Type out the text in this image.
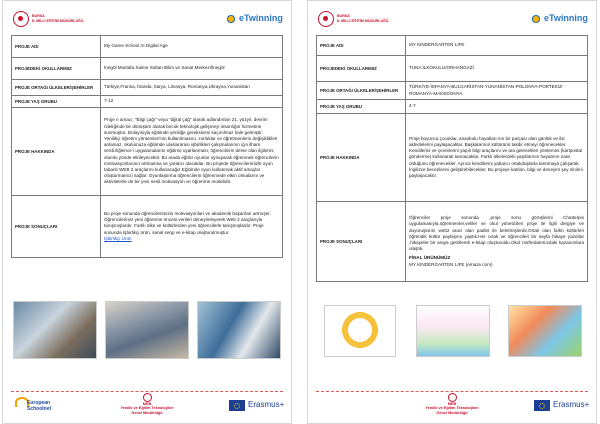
BURSA
İL MİLLİ EĞİTİM MÜDÜRLÜĞÜ	eTwinning
PROJE ADI	My Game School At Digital Age
PROJEDEKİ OKULLARIMIZ	İnegöl Mustafa Saime Sultan Bilim ve Sanat Merkezi/İnegöl
PROJE ORTAĞI ÜLKELER/ŞEHİRLER	Türkiye,Fransa, İtranda, İtarya, Litvanya, Romanya,Ukrayna,Yunanistan
PROJE YAŞ GRUBU	7-12
PROJE HAKKINDA	Proje n amacı; "Bilgi çağı" veya "dijital çağ" olarak adlandırılan 21. yüzyıl, devrim niteliğinde bir dönüşüm olarak bircok teknolojik gelişmeyi insanlığın hizmetine sunmuştur. Dolayısıyla eğitimde yeniliğe gereksinimi kaçınılmaz hale gelmiştir. Yenilikçi öğretim yöntemleri'nin kullanılmasını, zorluklar ve öğretmenlerin değişiklikleri anlamaz, okulumuza eğitimde uluslararası işbirlikleri çalışmalarının için ilham verdi.Eğlence i uygulamalarını eğitime uyarlanması, öğrencilerin derse olan ilgilerini olumlu yönde etkileyecektir. Bu arada eğitici oyunlar oynayarak öğrenmek öğrencilerin motivasyonlarının artmasına ve yaratıcı olacaklar. Bu projede öğrencilerimizle oyun tabanlı WEB 2 araçlarını kullanacağız.Eğitimde oyun kullanmak aktif amaçlar oluşturmamızı sağlar. Oyunlaştırma öğrencilerin öğrenmede etkin olmalarını ve aktivitelerle de bir yeni nesil motivasyon ve öğrenme modelidir.
PROJE SONUÇLARI	Bu proje sonunda öğrencilerimizin motivasyonları ve akademik başarıları artmıştır. Öğrencilerimiz yeni öğrenme öncesi verileri deneyimleyerek Web 2 araçlarıyla tanışmışlardır. Farklı ülke ve kültürlerden yeni öğrencilerle tanışmışlardır. Proje sonunda İşbirlikçi ürün, sanal sergi ve e-kitap oluşturulmuştur.
İşbirlikçi Ürün
European
Schoolnet
MEB
Yenilik ve Eğitim Teknolojileri
Genel Müdürlüğü
Erasmus+
BURSA
İL MİLLİ EĞİTİM MÜDÜRLÜĞÜ	eTwinning
PROJE ADI	MY KINDERGARTEN LIFE
PROJEDEKİ OKULLARIMIZ	TUNA İLKOKULU/ORHANGAZİ
PROJE ORTAĞI ÜLKELER/ŞEHİRLER	TÜRKİYE-İSPANYA-BULGARİSTAN-YUNANİSTAN-POLONYA-PORTEKİZ-ROMANYA-MAKEDONYA
PROJE YAŞ GRUBU	4-7
PROJE HAKKINDA	Proje boyunca çocuklar, anaokulu hayatları nın bir parçası olan günlük ve ilsi aktivitelerini paylaşacaklar. Başkalarının kültürünü takdir etmeyi öğrenecekler. Kendilerini ve çevrelerini yapılı bilgi araçlarını ve ara gelenekleri yöntemini (kartpostal gönderme) kullanarak tanıtacaklar. Farklı ülkelerdeki yaşıtlarının hayatının nasıl olduğunu öğrenecekler. Ayrıca kendilerini yabancı ortakdaşlarla tanıtmaya çalışarak İngilizce becerilerini geliştirebilecekler. Bu projeye katılan, bilgi ve deneyim şey sinirini paylaşacaktır.
PROJE SONUÇLARI	Öğrenciler proje sonunda ,proje sonu görüşlerini Chatterpix uygulamasıyla,öğretmenler,veliler ve okul yöneticileri proje ile ilgili dergiye ve duyuruşlarını web2 araci olan padlet ile belirtmişlerdir.Ortak olan farklı kültürleri öğrendik kültür paylaşımı yaptık.Her ortak ve öğrencileri bir sayfa hikaye yazdılar ,hikayeler bir araya getirilerek e-kitap oluşturuldu.Okul müfredatımızdaki kazanımlara ulaştık.
FİNAL ÜRÜNÜMÜZ
MY KINDERGARTEN LIFE (emaze.com)
MEB
Yenilik ve Eğitim Teknolojileri
Genel Müdürlüğü
Erasmus+
